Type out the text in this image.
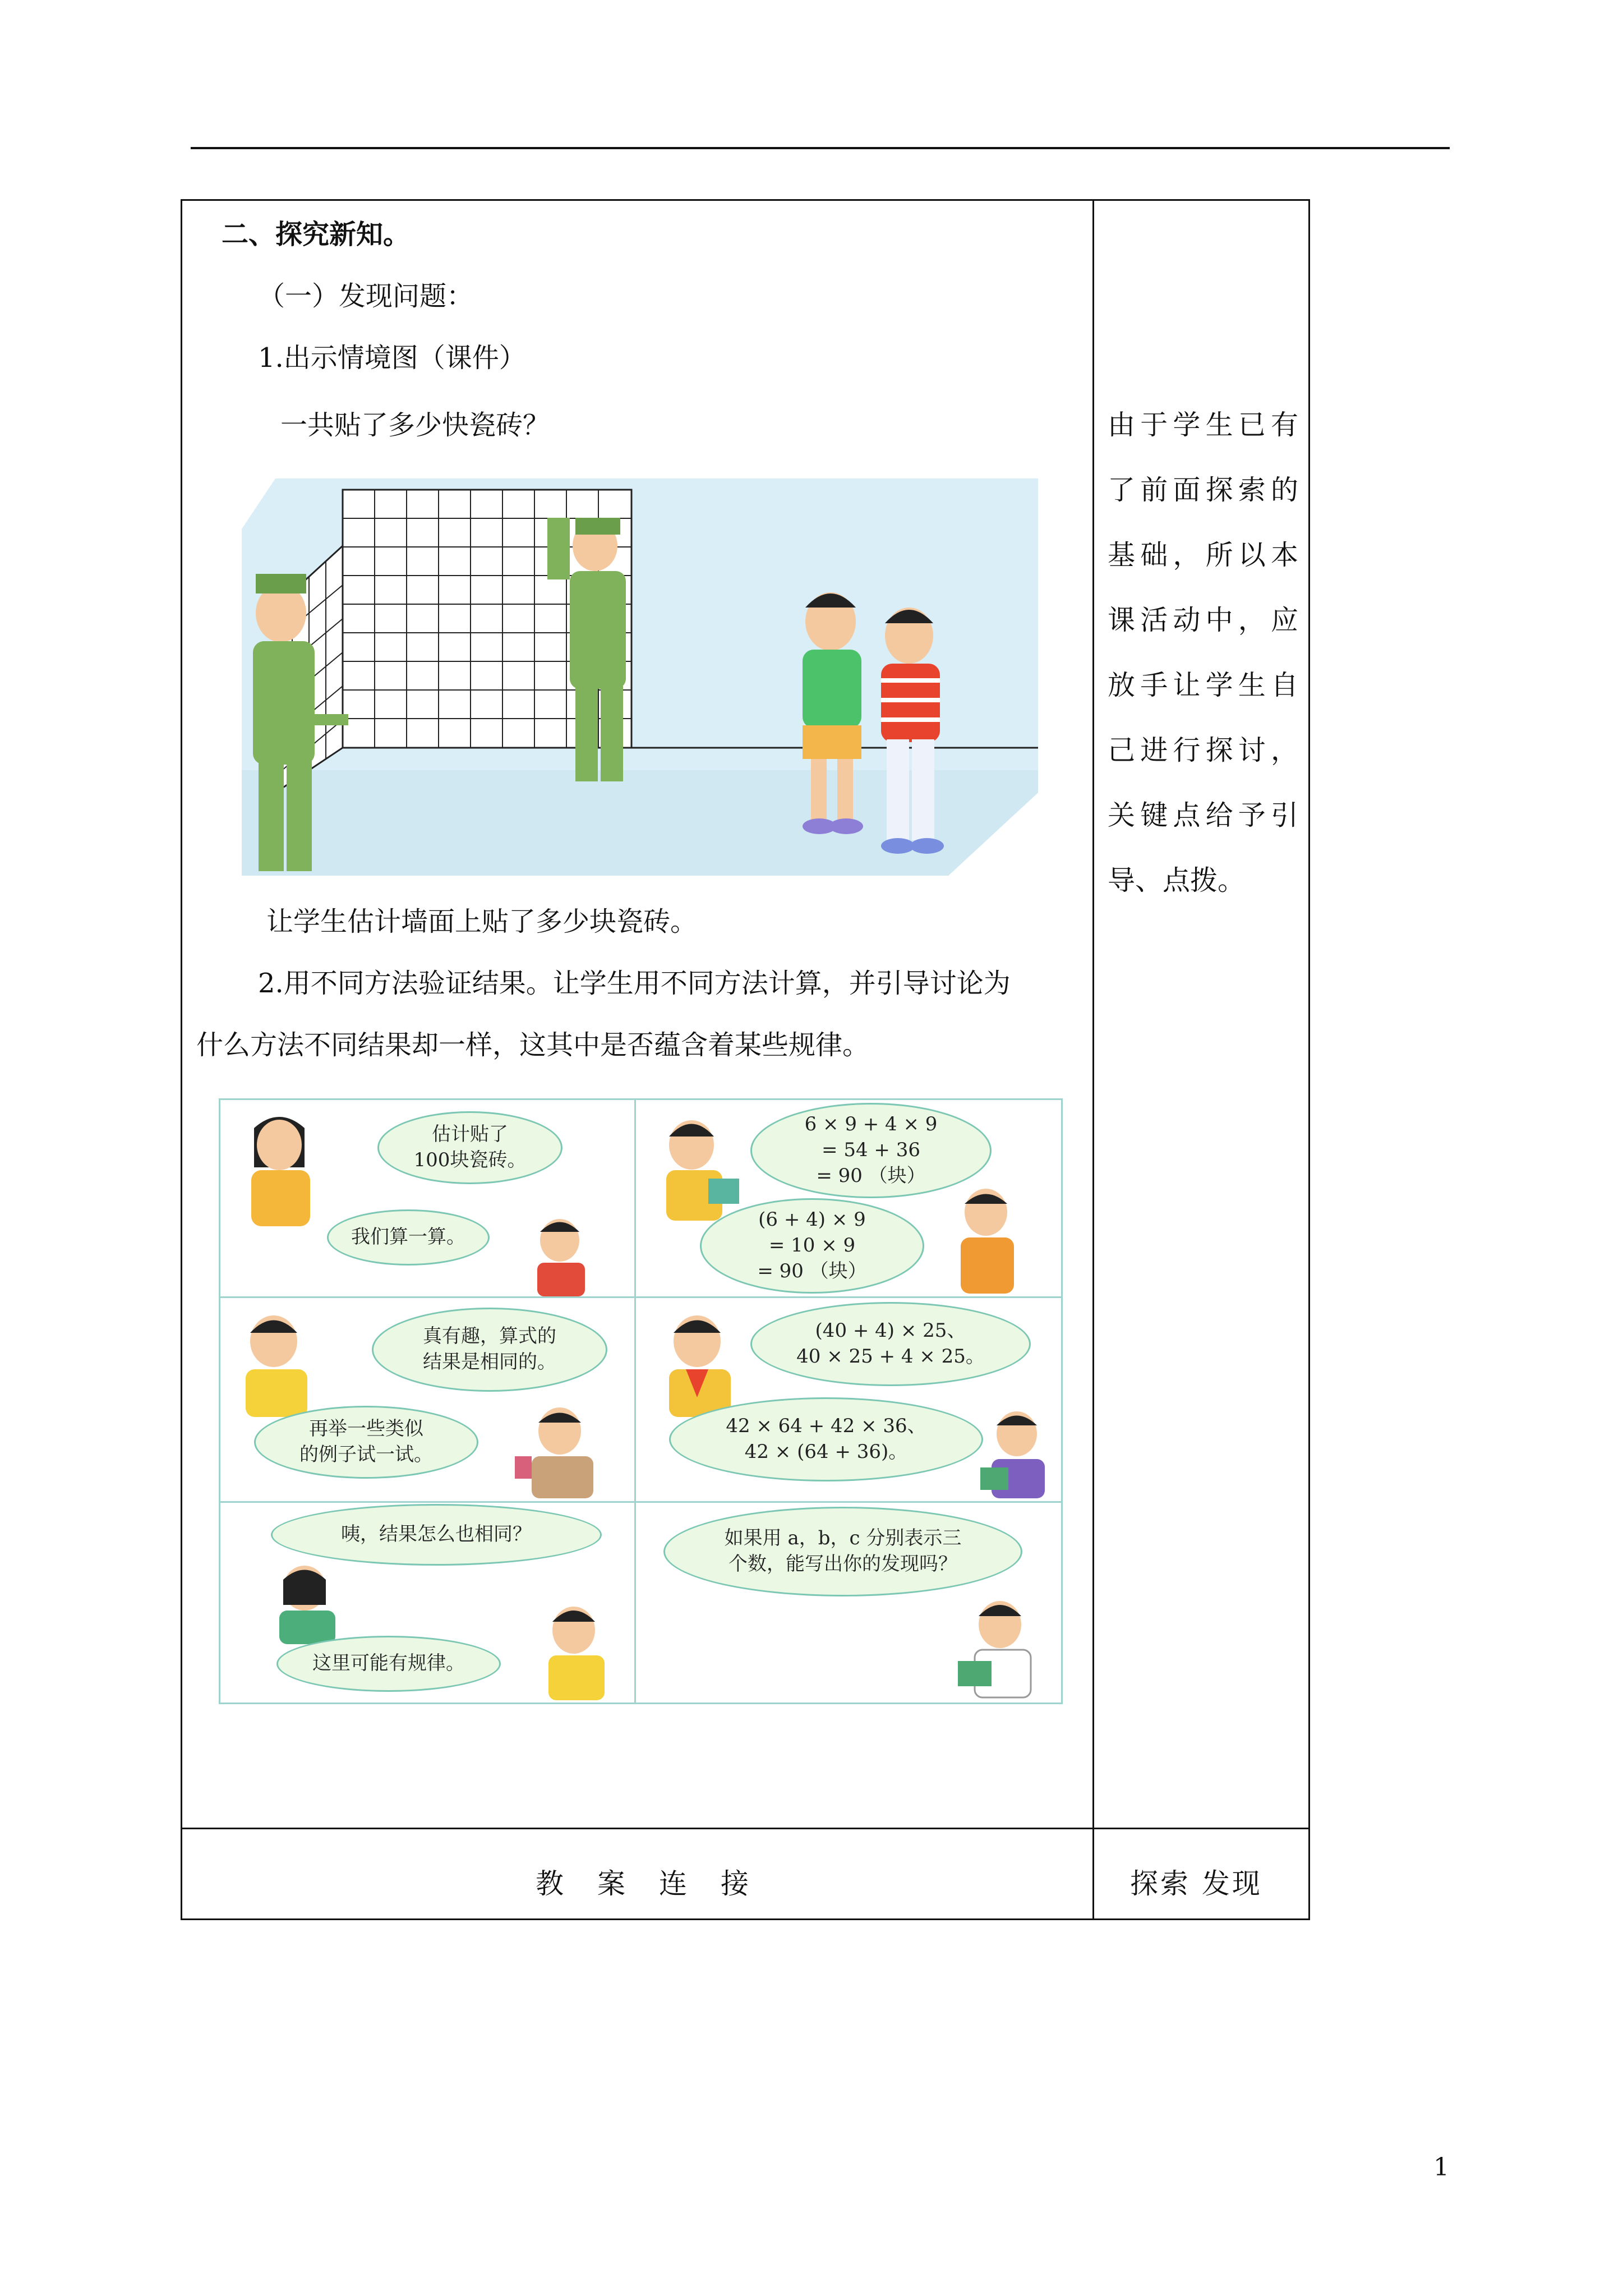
二、探究新知。
（一）发现问题：
1.出示情境图（课件）
一共贴了多少快瓷砖？
让学生估计墙面上贴了多少块瓷砖。
2.用不同方法验证结果。让学生用不同方法计算，并引导讨论为
什么方法不同结果却一样，这其中是否蕴含着某些规律。
估计贴了
100块瓷砖。
我们算一算。
6 × 9 + 4 × 9
= 54 + 36
= 90 （块）
(6 + 4) × 9
= 10 × 9
= 90 （块）
真有趣，算式的
结果是相同的。
再举一些类似
的例子试一试。
(40 + 4) × 25、
40 × 25 + 4 × 25。
42 × 64 + 42 × 36、
42 × (64 + 36)。
咦，结果怎么也相同？
这里可能有规律。
如果用 a，b，c 分别表示三
个数，能写出你的发现吗？
教案连接	探索 发现
由于学生已有了前面探索的基础，所以本课活动中，应放手让学生自己进行探讨，关键点给予引导、点拨。
1
